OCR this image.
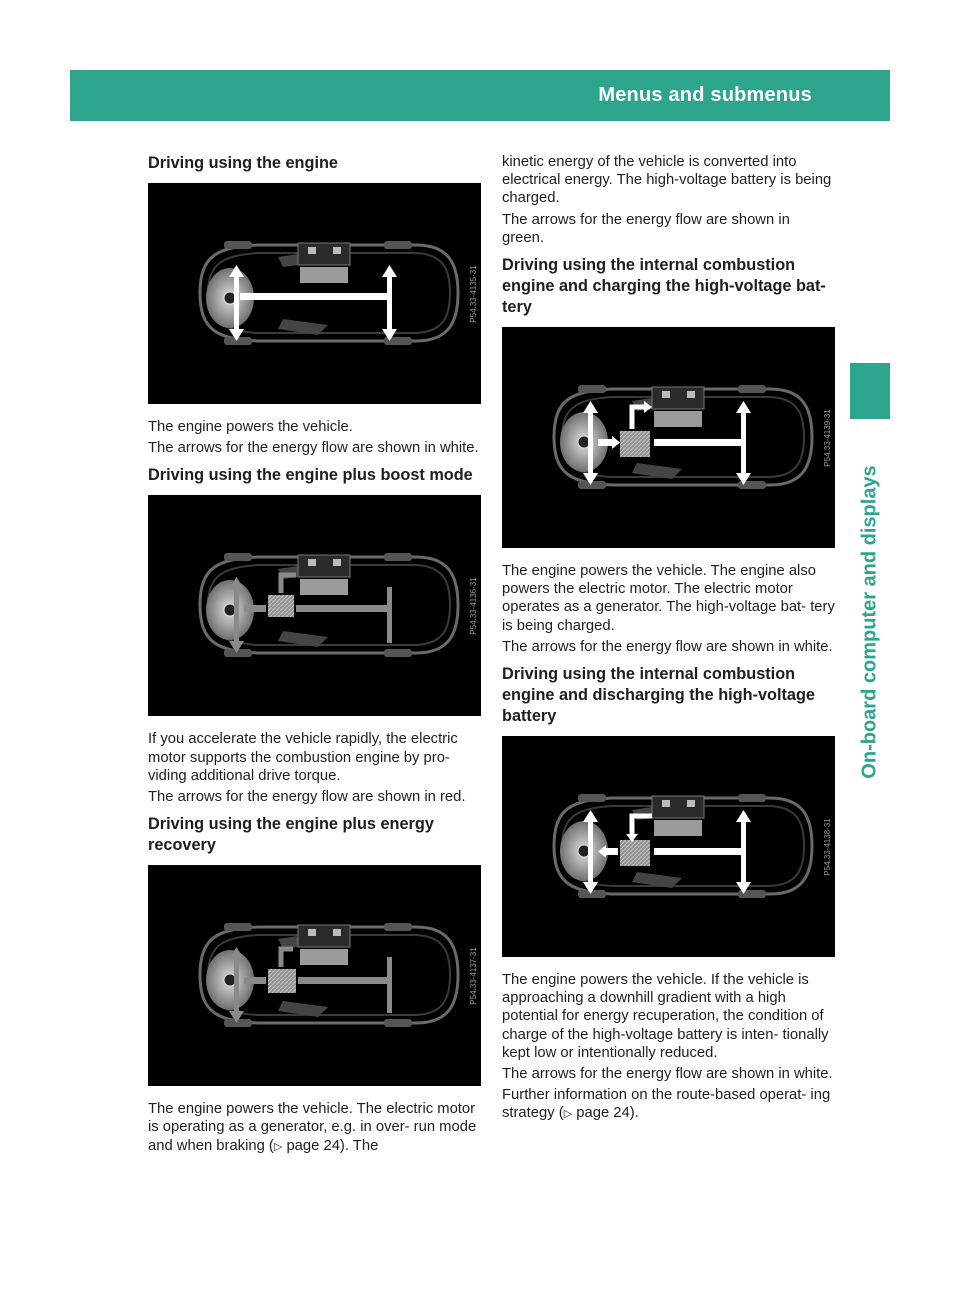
Menus and submenus	41
On-board computer and displays
Driving using the engine
P54.33-4135-31

The engine powers the vehicle.

The arrows for the energy flow are shown in white.

Driving using the engine plus boost mode
P54.33-4136-31

If you accelerate the vehicle rapidly, the electric motor supports the combustion engine by pro- viding additional drive torque.

The arrows for the energy flow are shown in red.

Driving using the engine plus energy recovery
P54.33-4137-31

The engine powers the vehicle. The electric motor is operating as a generator, e.g. in over- run mode and when braking (▷ page 24). The

kinetic energy of the vehicle is converted into electrical energy. The high-voltage battery is being charged.

The arrows for the energy flow are shown in green.

Driving using the internal combustion engine and charging the high-voltage bat- tery
P54.33-4139-31

The engine powers the vehicle. The engine also powers the electric motor. The electric motor operates as a generator. The high-voltage bat- tery is being charged.

The arrows for the energy flow are shown in white.

Driving using the internal combustion engine and discharging the high-voltage battery
P54.33-4138-31

The engine powers the vehicle. If the vehicle is approaching a downhill gradient with a high potential for energy recuperation, the condition of charge of the high-voltage battery is inten- tionally kept low or intentionally reduced.

The arrows for the energy flow are shown in white.

Further information on the route-based operat- ing strategy (▷ page 24).
